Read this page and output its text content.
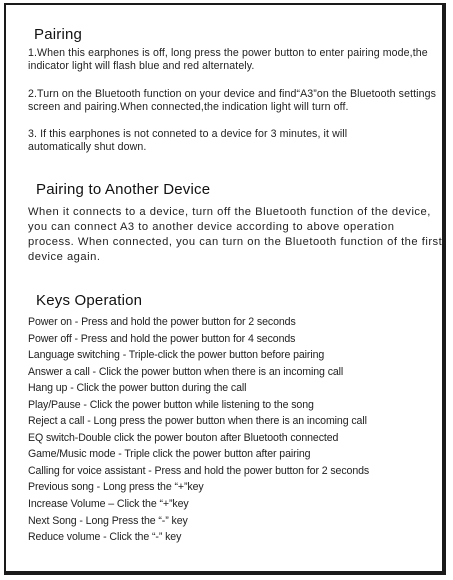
Pairing

1.When this earphones is off, long press the power button to enter pairing mode,the indicator light will flash blue and red alternately.

2.Turn on the Bluetooth function on your device and find“A3”on the Bluetooth settings screen and pairing.When connected,the indication light will turn off.

3. If this earphones is not conneted to a device for 3 minutes, it will automatically shut down.

Pairing to Another Device

When it connects to a device, turn off the Bluetooth function of the device, you can connect A3 to another device according to above operation process. When connected, you can turn on the Bluetooth function of the first device again.

Keys Operation

Power on - Press and hold the power button for 2 seconds

Power off - Press and hold the power button for 4 seconds

Language switching - Triple-click the power button before pairing

Answer a call - Click the power button when there is an incoming call

Hang up - Click the power button during the call

Play/Pause - Click the power button while listening to the song

Reject a call - Long press the power button when there is an incoming call

EQ switch-Double click the power bouton after Bluetooth connected

Game/Music mode - Triple click the power button after pairing

Calling for voice assistant - Press and hold the power button for 2 seconds

Previous song - Long press the “+”key

Increase Volume – Click the “+”key

Next Song - Long Press the “-” key

Reduce volume - Click the “-” key
